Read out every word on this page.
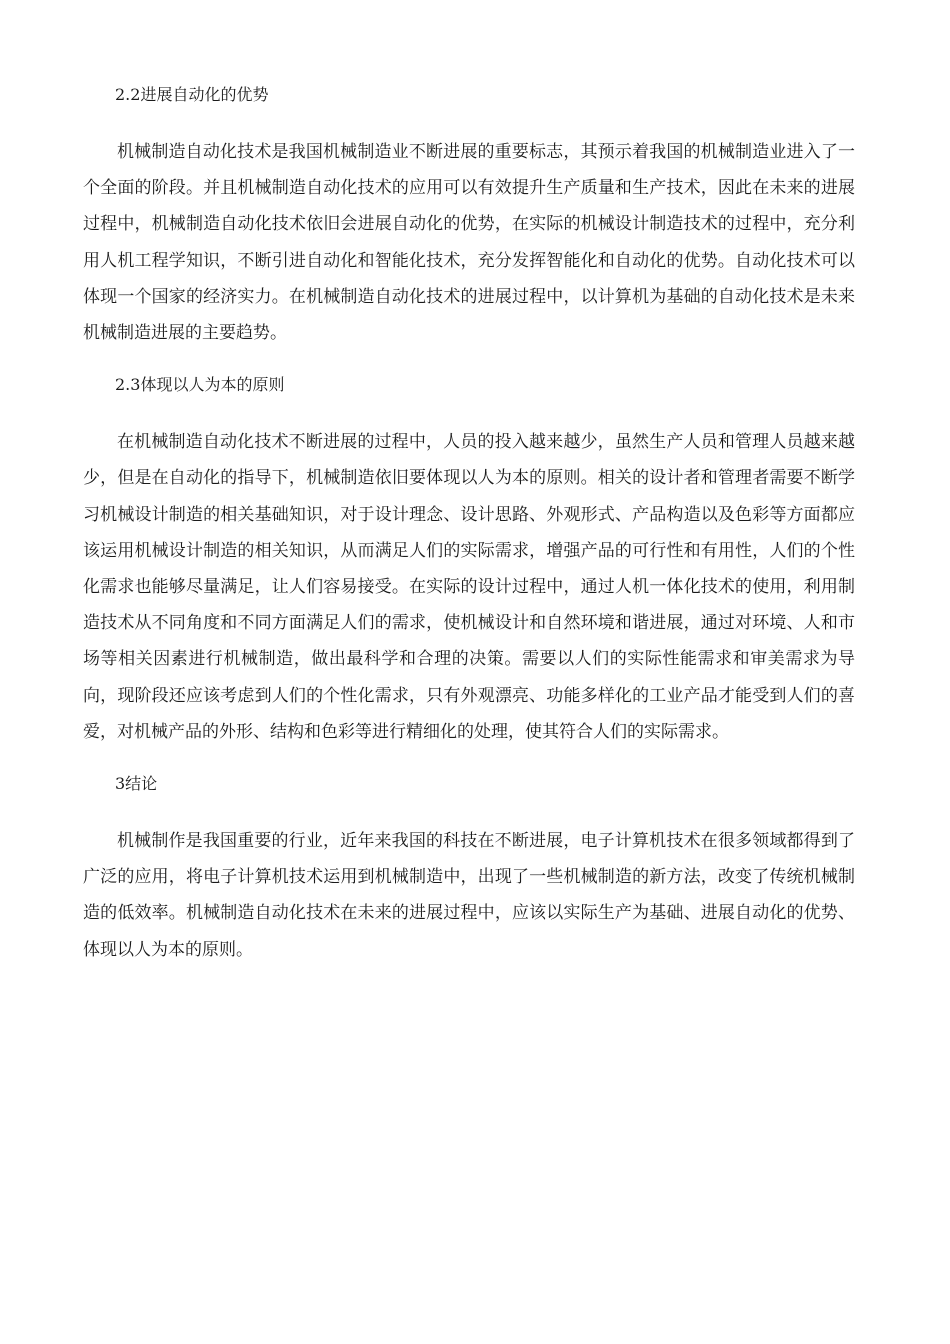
2.2进展自动化的优势

机械制造自动化技术是我国机械制造业不断进展的重要标志，其预示着我国的机械制造业进入了一个全面的阶段。并且机械制造自动化技术的应用可以有效提升生产质量和生产技术，因此在未来的进展过程中，机械制造自动化技术依旧会进展自动化的优势，在实际的机械设计制造技术的过程中，充分利用人机工程学知识，不断引进自动化和智能化技术，充分发挥智能化和自动化的优势。自动化技术可以体现一个国家的经济实力。在机械制造自动化技术的进展过程中，以计算机为基础的自动化技术是未来机械制造进展的主要趋势。

2.3体现以人为本的原则

在机械制造自动化技术不断进展的过程中，人员的投入越来越少，虽然生产人员和管理人员越来越少，但是在自动化的指导下，机械制造依旧要体现以人为本的原则。相关的设计者和管理者需要不断学习机械设计制造的相关基础知识，对于设计理念、设计思路、外观形式、产品构造以及色彩等方面都应该运用机械设计制造的相关知识，从而满足人们的实际需求，增强产品的可行性和有用性，人们的个性化需求也能够尽量满足，让人们容易接受。在实际的设计过程中，通过人机一体化技术的使用，利用制造技术从不同角度和不同方面满足人们的需求，使机械设计和自然环境和谐进展，通过对环境、人和市场等相关因素进行机械制造，做出最科学和合理的决策。需要以人们的实际性能需求和审美需求为导向，现阶段还应该考虑到人们的个性化需求，只有外观漂亮、功能多样化的工业产品才能受到人们的喜爱，对机械产品的外形、结构和色彩等进行精细化的处理，使其符合人们的实际需求。

3结论

机械制作是我国重要的行业，近年来我国的科技在不断进展，电子计算机技术在很多领域都得到了广泛的应用，将电子计算机技术运用到机械制造中，出现了一些机械制造的新方法，改变了传统机械制造的低效率。机械制造自动化技术在未来的进展过程中，应该以实际生产为基础、进展自动化的优势、体现以人为本的原则。
